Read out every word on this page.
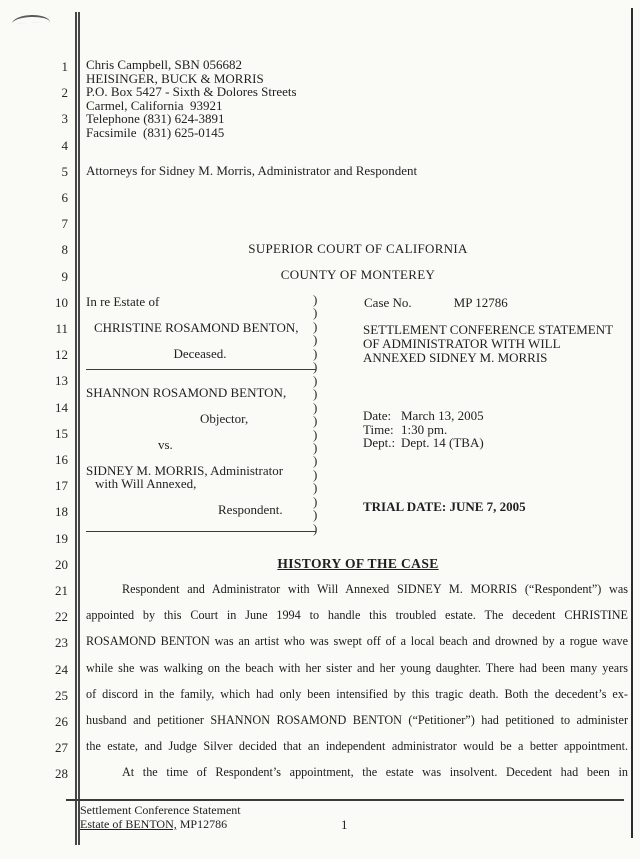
1
2
3
4
5
6
7
8
9
10
11
12
13
14
15
16
17
18
19
20
21
22
23
24
25
26
27
28
)
)
)
)
)
)
)
)
)
)
)
)
)
)
)
)
)
)
Chris Campbell, SBN 056682
HEISINGER, BUCK & MORRIS
P.O. Box 5427 - Sixth & Dolores Streets
Carmel, California  93921
Telephone (831) 624-3891
Facsimile  (831) 625-0145
Attorneys for Sidney M. Morris, Administrator and Respondent
SUPERIOR COURT OF CALIFORNIA
COUNTY OF MONTEREY
In re Estate of
CHRISTINE ROSAMOND BENTON,
Deceased.
SHANNON ROSAMOND BENTON,
Objector,
vs.
SIDNEY M. MORRIS, Administrator
with Will Annexed,
Respondent.
Case No.	MP 12786
SETTLEMENT CONFERENCE STATEMENT
OF ADMINISTRATOR WITH WILL
ANNEXED SIDNEY M. MORRIS
Date: March 13, 2005
Time: 1:30 pm.
Dept.: Dept. 14 (TBA)
TRIAL DATE: JUNE 7, 2005
HISTORY OF THE CASE
Respondent and Administrator with Will Annexed SIDNEY M. MORRIS (“Respondent”) was
appointed by this Court in June 1994 to handle this troubled estate. The decedent CHRISTINE
ROSAMOND BENTON was an artist who was swept off of a local beach and drowned by a rogue wave
while she was walking on the beach with her sister and her young daughter. There had been many years
of discord in the family, which had only been intensified by this tragic death. Both the decedent’s ex-
husband and petitioner SHANNON ROSAMOND BENTON (“Petitioner”) had petitioned to administer
the estate, and Judge Silver decided that an independent administrator would be a better appointment.
At the time of Respondent’s appointment, the estate was insolvent. Decedent had been in
Settlement Conference Statement
Estate of BENTON, MP12786	1
